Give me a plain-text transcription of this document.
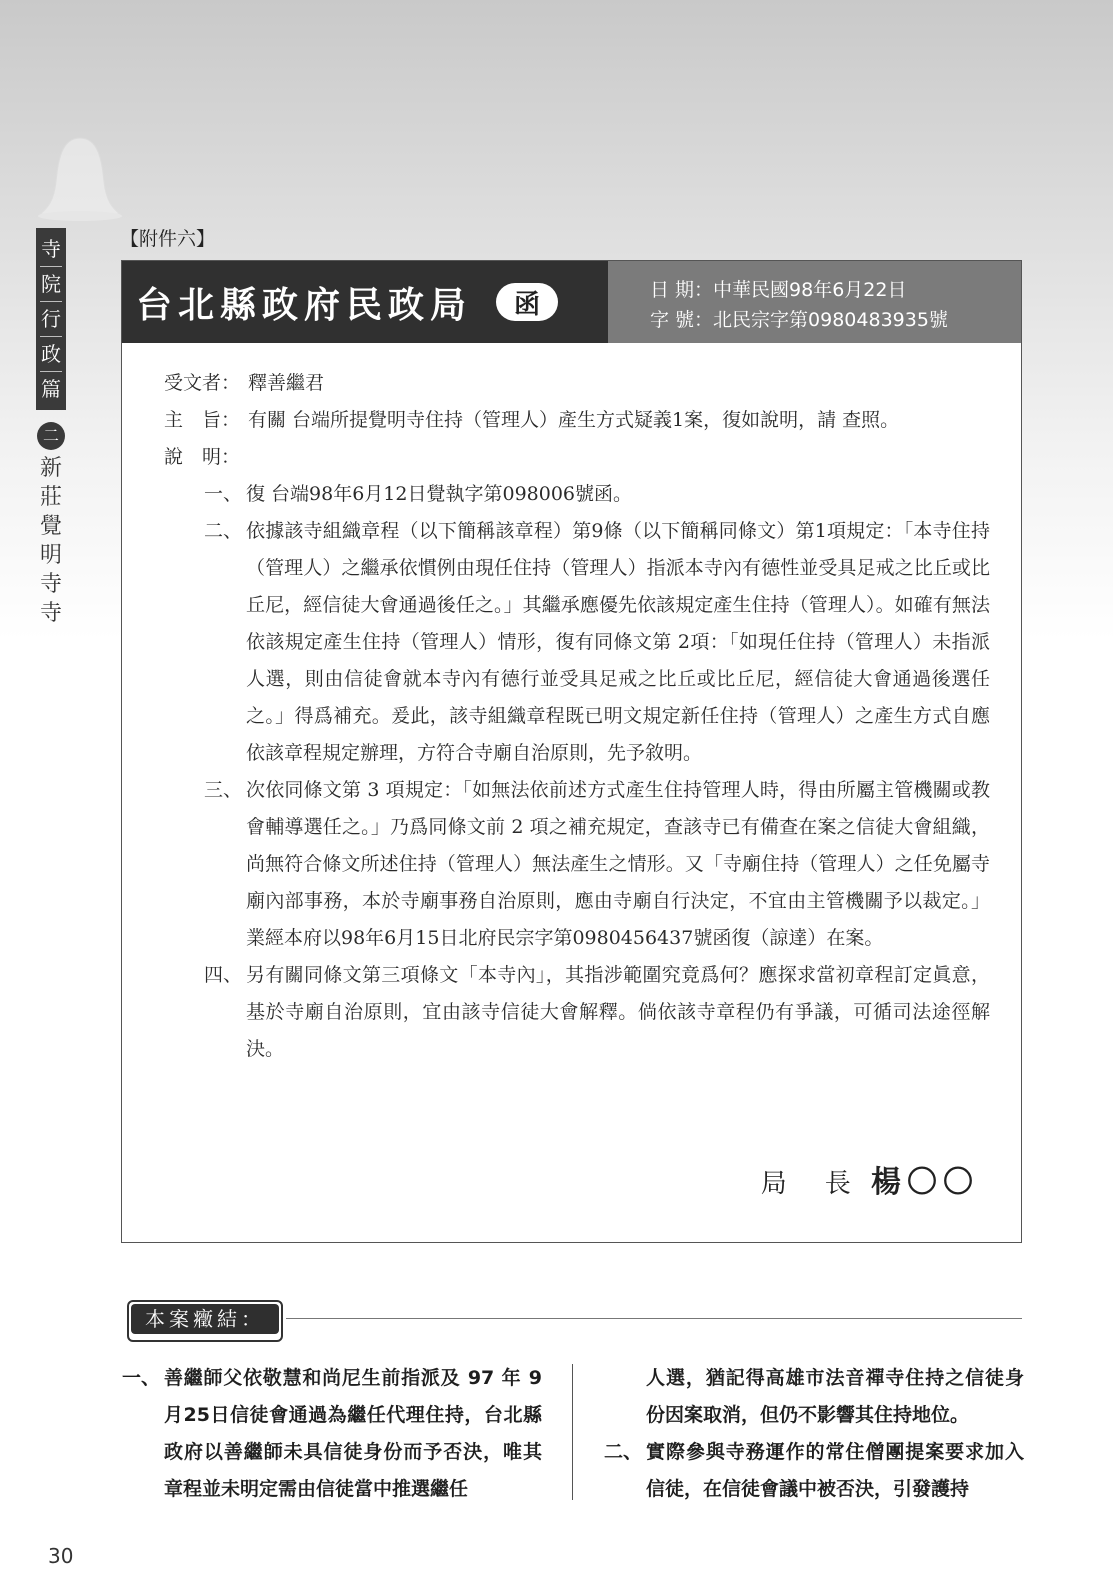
寺
院
行
政
篇
二
新
莊
覺
明
寺
寺
【附件六】
台北縣政府民政局	函	日 期：中華民國98年6月22日
字 號：北民宗字第0980483935號
受文者： 釋善繼君
主　旨： 有關 台端所提覺明寺住持（管理人）產生方式疑義1案，復如說明，請 查照。
說　明：
一、 復 台端98年6月12日覺執字第098006號函。
二、 依據該寺組織章程（以下簡稱該章程）第9條（以下簡稱同條文）第1項規定：「本寺住持（管理人）之繼承依慣例由現任住持（管理人）指派本寺內有德性並受具足戒之比丘或比丘尼，經信徒大會通過後任之。」其繼承應優先依該規定產生住持（管理人）。如確有無法依該規定產生住持（管理人）情形，復有同條文第 2項：「如現任住持（管理人）未指派人選，則由信徒會就本寺內有德行並受具足戒之比丘或比丘尼，經信徒大會通過後選任之。」得爲補充。爰此，該寺組織章程既已明文規定新任住持（管理人）之產生方式自應依該章程規定辦理，方符合寺廟自治原則，先予敘明。
三、 次依同條文第 3 項規定：「如無法依前述方式產生住持管理人時，得由所屬主管機關或教會輔導選任之。」乃爲同條文前 2 項之補充規定，查該寺已有備查在案之信徒大會組織，尚無符合條文所述住持（管理人）無法產生之情形。又「寺廟住持（管理人）之任免屬寺廟內部事務，本於寺廟事務自治原則，應由寺廟自行決定，不宜由主管機關予以裁定。」業經本府以98年6月15日北府民宗字第0980456437號函復（諒達）在案。
四、 另有關同條文第三項條文「本寺內」，其指涉範圍究竟爲何？應探求當初章程訂定眞意，基於寺廟自治原則，宜由該寺信徒大會解釋。倘依該寺章程仍有爭議，可循司法途徑解決。
局　長 楊〇〇
本案癥結：
一、 善繼師父依敬慧和尚尼生前指派及 97 年 9 月25日信徒會通過為繼任代理住持，台北縣政府以善繼師未具信徒身份而予否決，唯其章程並未明定需由信徒當中推選繼任
人選，猶記得高雄市法音禪寺住持之信徒身份因案取消，但仍不影響其住持地位。
二、 實際參與寺務運作的常住僧團提案要求加入信徒，在信徒會議中被否決，引發護持
30
